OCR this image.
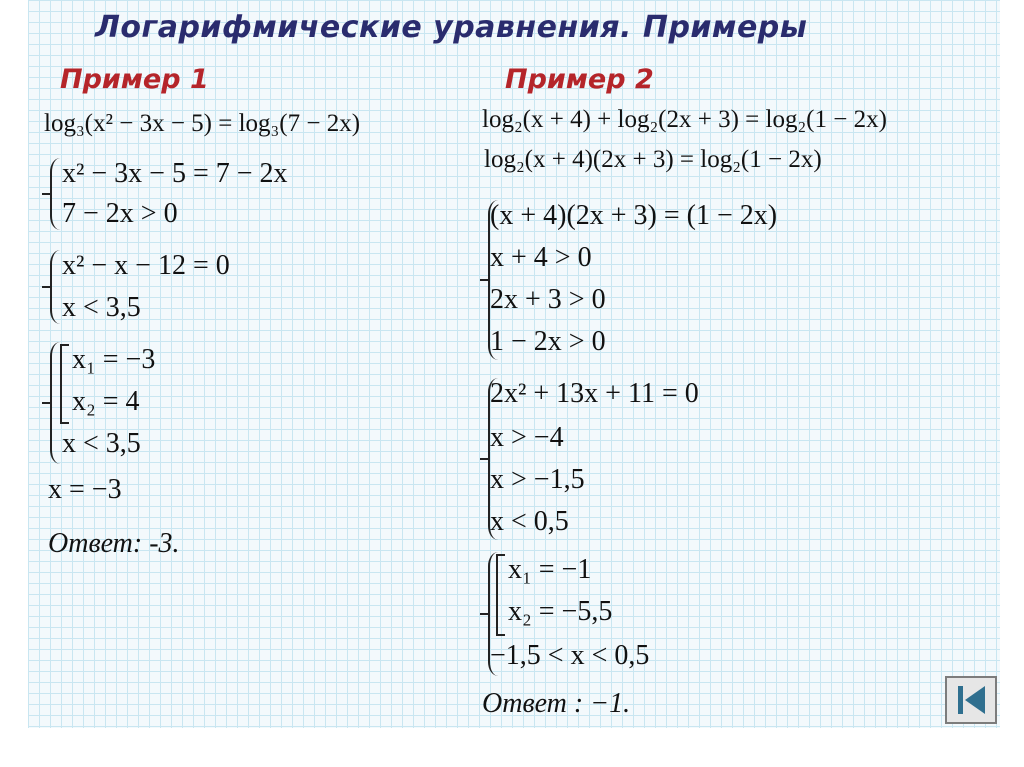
Логарифмические уравнения. Примеры
Пример 1
log₃(x² − 3x − 5) = log₃(7 − 2x)
x² − 3x − 5 = 7 − 2x
7 − 2x > 0
x² − x − 12 = 0
x < 3,5
x₁ = −3
x₂ = 4
x < 3,5
x = −3
Ответ: -3.
Пример 2
log₂(x + 4) + log₂(2x + 3) = log₂(1 − 2x)
log₂(x + 4)(2x + 3) = log₂(1 − 2x)
(x + 4)(2x + 3) = (1 − 2x)
x + 4 > 0
2x + 3 > 0
1 − 2x > 0
2x² + 13x + 11 = 0
x > −4
x > −1,5
x < 0,5
x₁ = −1
x₂ = −5,5
−1,5 < x < 0,5
Ответ : −1.
